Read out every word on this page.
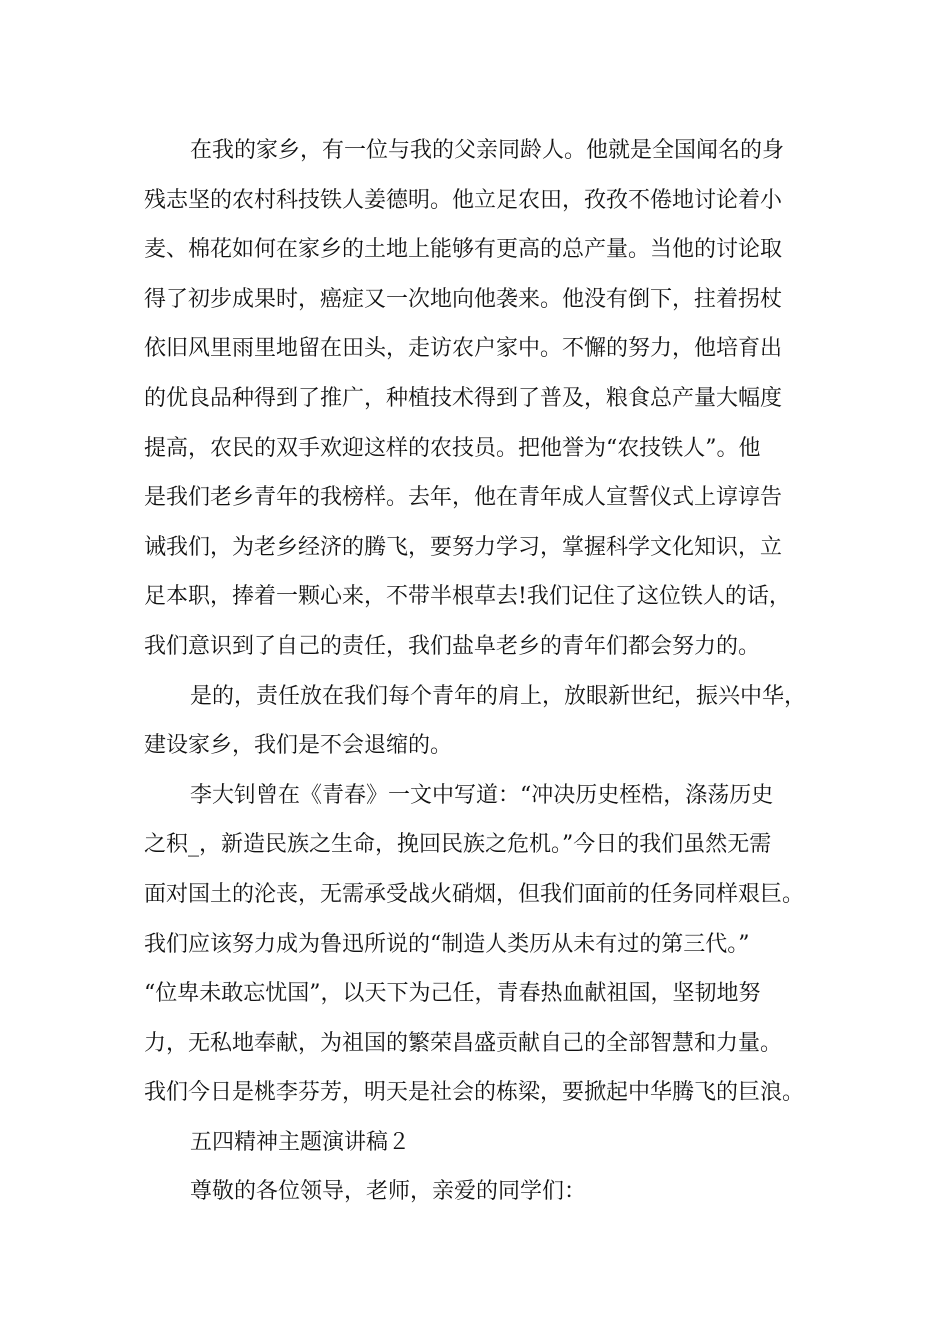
在我的家乡，有一位与我的父亲同龄人。他就是全国闻名的身
残志坚的农村科技铁人姜德明。他立足农田，孜孜不倦地讨论着小
麦、棉花如何在家乡的土地上能够有更高的总产量。当他的讨论取
得了初步成果时，癌症又一次地向他袭来。他没有倒下，拄着拐杖
依旧风里雨里地留在田头，走访农户家中。不懈的努力，他培育出
的优良品种得到了推广，种植技术得到了普及，粮食总产量大幅度
提高，农民的双手欢迎这样的农技员。把他誉为“农技铁人”。他
是我们老乡青年的我榜样。去年，他在青年成人宣誓仪式上谆谆告
诫我们，为老乡经济的腾飞，要努力学习，掌握科学文化知识，立
足本职，捧着一颗心来，不带半根草去!我们记住了这位铁人的话，
我们意识到了自己的责任，我们盐阜老乡的青年们都会努力的。
是的，责任放在我们每个青年的肩上，放眼新世纪，振兴中华，
建设家乡，我们是不会退缩的。
李大钊曾在《青春》一文中写道：“冲决历史桎梏，涤荡历史
之积_，新造民族之生命，挽回民族之危机。”今日的我们虽然无需
面对国土的沦丧，无需承受战火硝烟，但我们面前的任务同样艰巨。
我们应该努力成为鲁迅所说的“制造人类历从未有过的第三代。”
“位卑未敢忘忧国”，以天下为己任，青春热血献祖国，坚韧地努
力，无私地奉献，为祖国的繁荣昌盛贡献自己的全部智慧和力量。
我们今日是桃李芬芳，明天是社会的栋梁，要掀起中华腾飞的巨浪。
五四精神主题演讲稿２
尊敬的各位领导，老师，亲爱的同学们：
